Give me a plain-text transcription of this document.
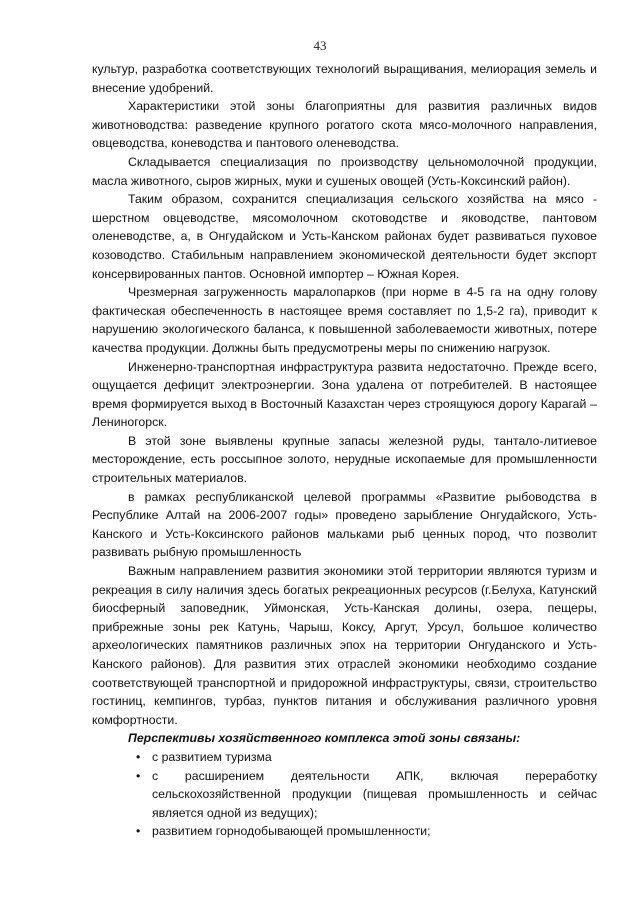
43

культур, разработка соответствующих технологий выращивания, мелиорация земель и внесение удобрений.

Характеристики этой зоны благоприятны для развития различных видов животноводства: разведение крупного рогатого скота мясо-молочного направления, овцеводства, коневодства и пантового оленеводства.

Складывается специализация по производству цельномолочной продукции, масла животного, сыров жирных, муки и сушеных овощей (Усть-Коксинский район).

Таким образом, сохранится специализация сельского хозяйства на мясо - шерстном овцеводстве, мясомолочном скотоводстве и яководстве, пантовом оленеводстве, а, в Онгудайском и Усть-Канском районах будет развиваться пуховое козоводство. Стабильным направлением экономической деятельности будет экспорт консервированных пантов. Основной импортер – Южная Корея.

Чрезмерная загруженность маралопарков (при норме в 4-5 га на одну голову фактическая обеспеченность в настоящее время составляет по 1,5-2 га), приводит к нарушению экологического баланса, к повышенной заболеваемости животных, потере качества продукции. Должны быть предусмотрены меры по снижению нагрузок.

Инженерно-транспортная инфраструктура развита недостаточно. Прежде всего, ощущается дефицит электроэнергии. Зона удалена от потребителей. В настоящее время формируется выход в Восточный Казахстан через строящуюся дорогу Карагай – Лениногорск.

В этой зоне выявлены крупные запасы железной руды, тантало-литиевое месторождение, есть россыпное золото, нерудные ископаемые для промышленности строительных материалов.

в рамках республиканской целевой программы «Развитие рыбоводства в Республике Алтай на 2006-2007 годы» проведено зарыбление Онгудайского, Усть-Канского и Усть-Коксинского районов мальками рыб ценных пород, что позволит развивать рыбную промышленность

Важным направлением развития экономики этой территории являются туризм и рекреация в силу наличия здесь богатых рекреационных ресурсов (г.Белуха, Катунский биосферный заповедник, Уймонская, Усть-Канская долины, озера, пещеры, прибрежные зоны рек Катунь, Чарыш, Коксу, Аргут, Урсул, большое количество археологических памятников различных эпох на территории Онгуданского и Усть-Канского районов). Для развития этих отраслей экономики необходимо создание соответствующей транспортной и придорожной инфраструктуры, связи, строительство гостиниц, кемпингов, турбаз, пунктов питания и обслуживания различного уровня комфортности.

Перспективы хозяйственного комплекса этой зоны связаны:

• с развитием туризма
• с расширением деятельности АПК, включая переработку сельскохозяйственной продукции (пищевая промышленность и сейчас является одной из ведущих);
• развитием горнодобывающей промышленности;
